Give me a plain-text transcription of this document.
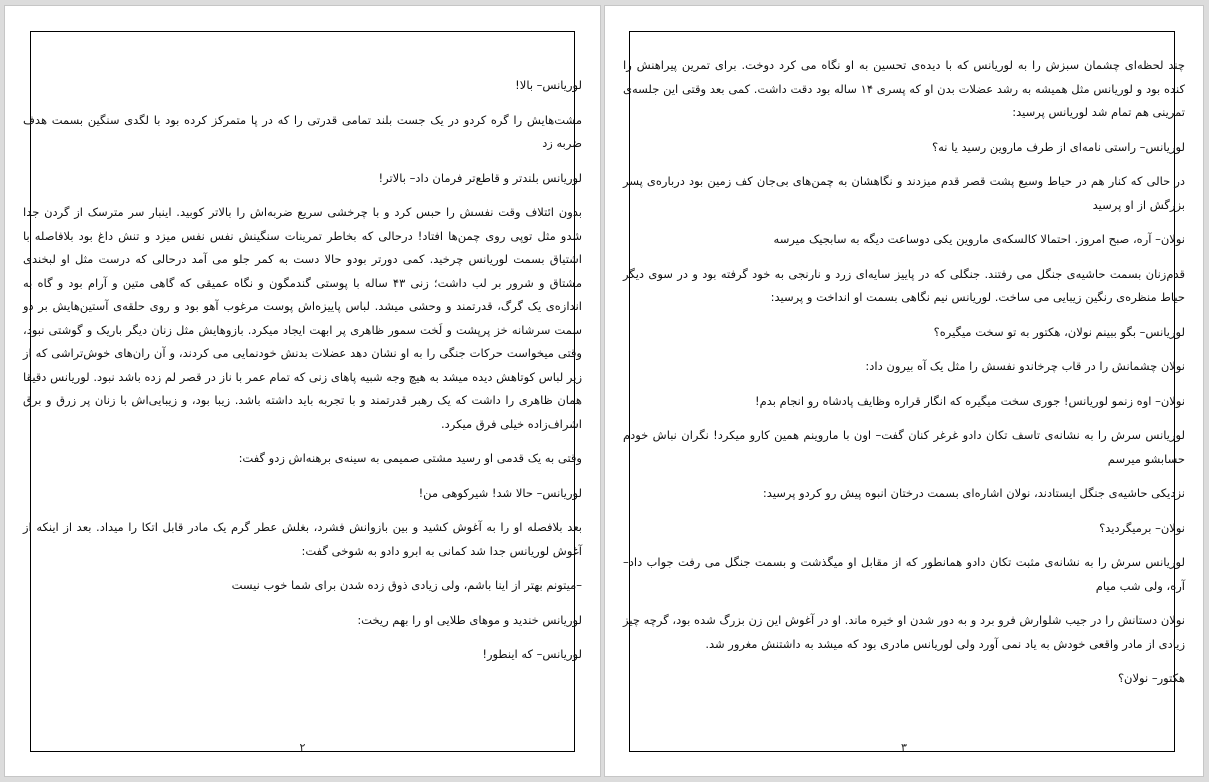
لوریانس– بالا!

مشت‌هایش را گره کردو در یک جست بلند تمامی قدرتی را که در پا متمرکز کرده بود با لگدی سنگین بسمت هدف ضربه زد

لوریانس بلندتر و قاطع‌تر فرمان داد– بالاتر!

بدون ائتلاف وقت نفسش را حبس کرد و با چرخشی سریع ضربه‌اش را بالاتر کوبید. اینبار سر مترسک از گردن جدا شدو مثل توپی روی چمن‌ها افتاد! درحالی که بخاطر تمرینات سنگینش نفس نفس میزد و تنش داغ بود بلافاصله با اشتیاق بسمت لوریانس چرخید. کمی دورتر بودو حالا دست به کمر جلو می آمد درحالی که درست مثل او لبخندی مشتاق و شرور بر لب داشت؛ زنی ۴۳ ساله با پوستی گندمگون و نگاه عمیقی که گاهی متین و آرام بود و گاه به اندازه‌ی یک گرگ، قدرتمند و وحشی میشد. لباس پاییزه‌اش پوست مرغوب آهو بود و روی حلقه‌ی آستین‌هایش بر دو سمت سرشانه خز پرپشت و لَخت سمور ظاهری پر ابهت ایجاد میکرد. بازوهایش مثل زنان دیگر باریک و گوشتی نبود، وقتی میخواست حرکات جنگی را به او نشان دهد عضلات بدنش خودنمایی می کردند، و آن ران‌های خوش‌تراشی که از زیر لباس کوتاهش دیده میشد به هیچ وجه شبیه پاهای زنی که تمام عمر با ناز در قصر لم زده باشد نبود. لوریانس دقیقا همان ظاهری را داشت که یک رهبر قدرتمند و با تجربه باید داشته باشد. زیبا بود، و زیبایی‌اش با زنان پر زرق و برق اشراف‌زاده خیلی فرق میکرد.

وقتی به یک قدمی او رسید مشتی صمیمی به سینه‌ی برهنه‌اش زدو گفت:

لوریانس– حالا شد! شیرکوهی من!

بعد بلافصله او را به آغوش کشید و بین بازوانش فشرد، بغلش عطر گرم یک مادر قابل اتکا را میداد. بعد از اینکه از آغوش لوریانس جدا شد کمانی به ابرو دادو به شوخی گفت:

–میتونم بهتر از اینا باشم، ولی زیادی ذوق زده شدن برای شما خوب نیست

لوریانس خندید و موهای طلایی او را بهم ریخت:

لوریانس– که اینطور!

۲

چند لحظه‌ای چشمان سبزش را به لوریانس که با دیده‌ی تحسین به او نگاه می کرد دوخت. برای تمرین پیراهنش را کنده بود و لوریانس مثل همیشه به رشد عضلات بدن او که پسری ۱۴ ساله بود دقت داشت. کمی بعد وقتی این جلسه‌ی تمرینی هم تمام شد لوریانس پرسید:

لوریانس– راستی نامه‌ای از طرف ماروین رسید یا نه؟

در حالی که کنار هم در حیاط وسیع پشت قصر قدم میزدند و نگاهشان به چمن‌های بی‌جان کف زمین بود درباره‌ی پسر بزرگش از او پرسید

نولان– آره، صبح امروز. احتمالا کالسکه‌ی ماروین یکی دوساعت دیگه به سابجیک میرسه

قدم‌زنان بسمت حاشیه‌ی جنگل می رفتند. جنگلی که در پاییز سایه‌ای زرد و نارنجی به خود گرفته بود و در سوی دیگر حیاط منظره‌ی رنگین زیبایی می ساخت. لوریانس نیم نگاهی بسمت او انداخت و پرسید:

لوریانس– بگو ببینم نولان، هکتور به تو سخت میگیره؟

نولان چشمانش را در قاب چرخاندو نفسش را مثل یک آه بیرون داد:

نولان– اوه زنمو لوریانس! جوری سخت میگیره که انگار قراره وظایف پادشاه رو انجام بدم!

لوریانس سرش را به نشانه‌ی تاسف تکان دادو غرغر کنان گفت– اون با ماروینم همین کارو میکرد! نگران نباش خودم حسابشو میرسم

نزدیکی حاشیه‌ی جنگل ایستادند، نولان اشاره‌ای بسمت درختان انبوه پیش رو کردو پرسید:

نولان– برمیگردید؟

لوریانس سرش را به نشانه‌ی مثبت تکان دادو همانطور که از مقابل او میگذشت و بسمت جنگل می رفت جواب داد– آره، ولی شب میام

نولان دستانش را در جیب شلوارش فرو برد و به دور شدن او خیره ماند. او در آغوش این زن بزرگ شده بود، گرچه چیز زیادی از مادر واقعی خودش به یاد نمی آورد ولی لوریانس مادری بود که میشد به داشتنش مغرور شد.

هکتور– نولان؟

۳
